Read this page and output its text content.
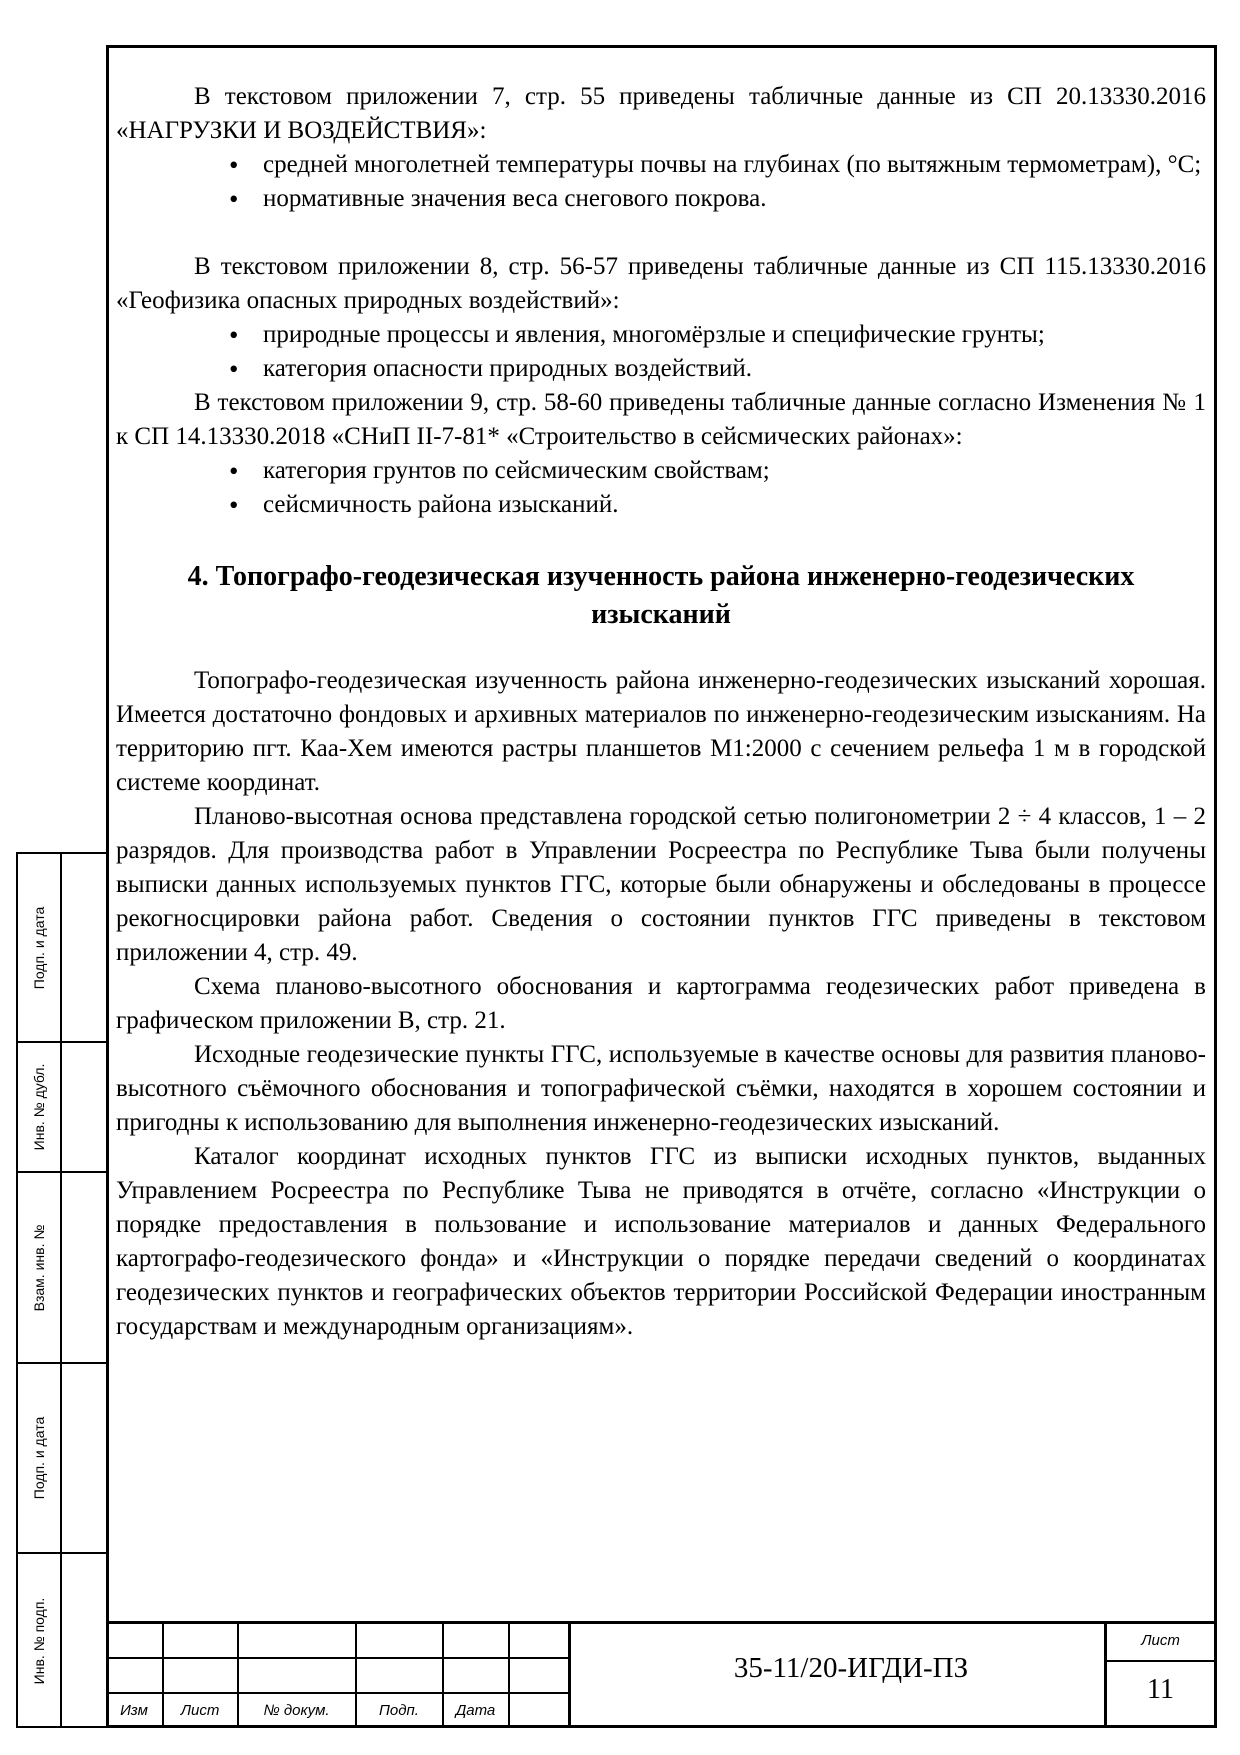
В текстовом приложении 7, стр. 55 приведены табличные данные из СП 20.13330.2016 «НАГРУЗКИ И ВОЗДЕЙСТВИЯ»:

• средней многолетней температуры почвы на глубинах (по вытяжным термометрам), °С;
• нормативные значения веса снегового покрова.

В текстовом приложении 8, стр. 56-57 приведены табличные данные из СП 115.13330.2016 «Геофизика опасных природных воздействий»:

• природные процессы и явления, многомёрзлые и специфические грунты;
• категория опасности природных воздействий.

В текстовом приложении 9, стр. 58-60 приведены табличные данные согласно Изменения № 1 к СП 14.13330.2018 «СНиП II-7-81* «Строительство в сейсмических районах»:

• категория грунтов по сейсмическим свойствам;
• сейсмичность района изысканий.
4. Топографо-геодезическая изученность района инженерно-геодезических изысканий

Топографо-геодезическая изученность района инженерно-геодезических изысканий хорошая. Имеется достаточно фондовых и архивных материалов по инженерно-геодезическим изысканиям. На территорию пгт. Каа-Хем имеются растры планшетов М1:2000 с сечением рельефа 1 м в городской системе координат.

Планово-высотная основа представлена городской сетью полигонометрии 2 ÷ 4 классов, 1 – 2 разрядов. Для производства работ в Управлении Росреестра по Республике Тыва были получены выписки данных используемых пунктов ГГС, которые были обнаружены и обследованы в процессе рекогносцировки района работ. Сведения о состоянии пунктов ГГС приведены в текстовом приложении 4, стр. 49.

Схема планово-высотного обоснования и картограмма геодезических работ приведена в графическом приложении В, стр. 21.

Исходные геодезические пункты ГГС, используемые в качестве основы для развития планово-высотного съёмочного обоснования и топографической съёмки, находятся в хорошем состоянии и пригодны к использованию для выполнения инженерно-геодезических изысканий.

Каталог координат исходных пунктов ГГС из выписки исходных пунктов, выданных Управлением Росреестра по Республике Тыва не приводятся в отчёте, согласно «Инструкции о порядке предоставления в пользование и использование материалов и данных Федерального картографо-геодезического фонда» и «Инструкции о порядке передачи сведений о координатах геодезических пунктов и географических объектов территории Российской Федерации иностранным государствам и международным организациям».

Подп. и дата
Инв. № дубл.
Взам. инв. №
Подп. и дата
Инв. № подп.
Изм	Лист	№ докум.	Подп.	Дата
35-11/20-ИГДИ-ПЗ
Лист
11
